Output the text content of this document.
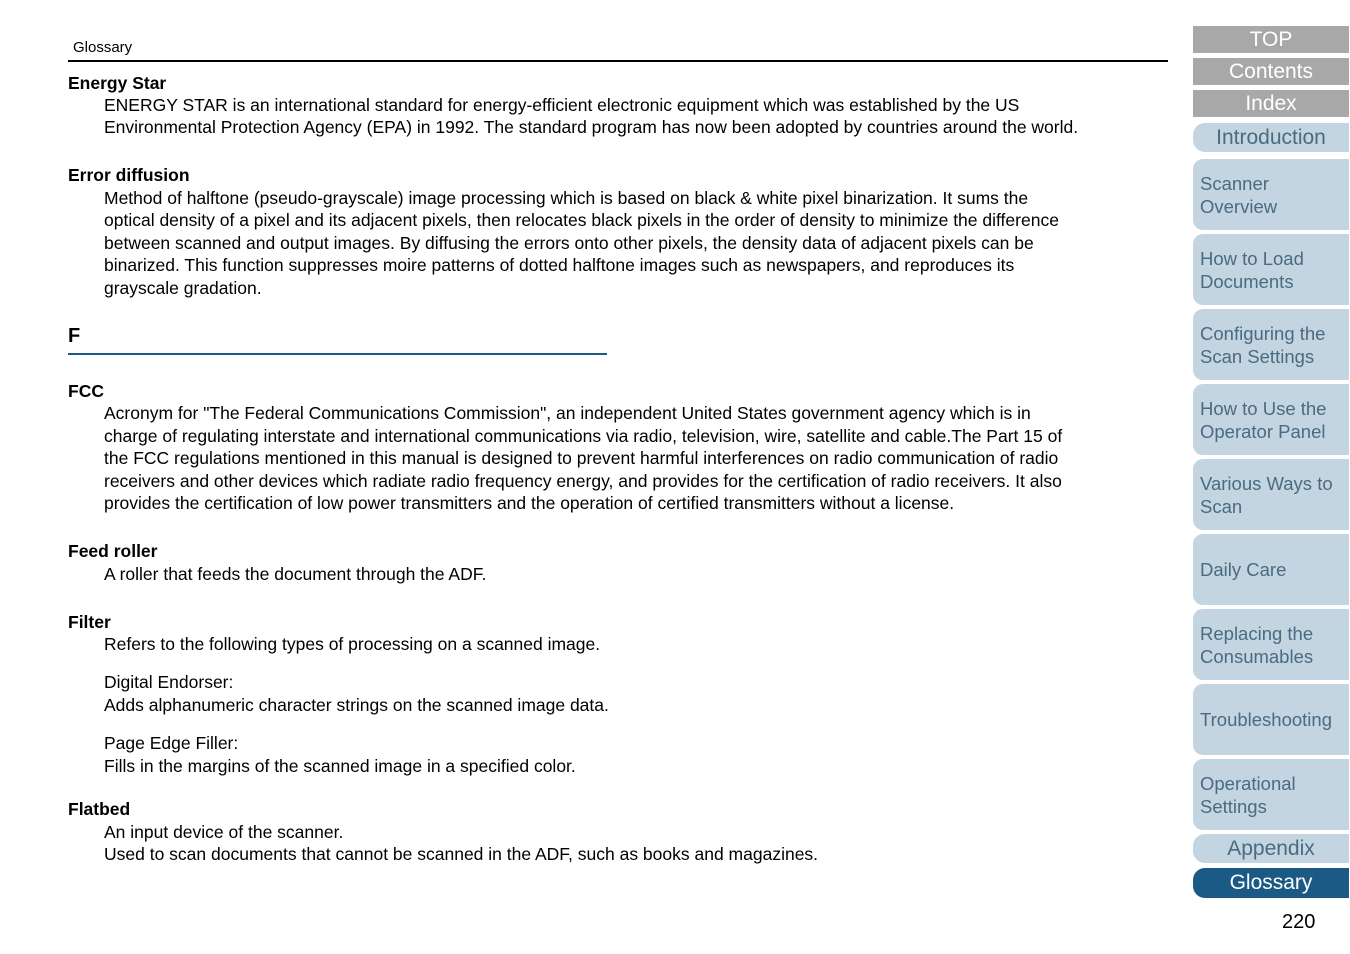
Glossary
Energy Star
ENERGY STAR is an international standard for energy-efficient electronic equipment which was established by the US
Environmental Protection Agency (EPA) in 1992. The standard program has now been adopted by countries around the world.
Error diffusion
Method of halftone (pseudo-grayscale) image processing which is based on black & white pixel binarization. It sums the
optical density of a pixel and its adjacent pixels, then relocates black pixels in the order of density to minimize the difference
between scanned and output images. By diffusing the errors onto other pixels, the density data of adjacent pixels can be
binarized. This function suppresses moire patterns of dotted halftone images such as newspapers, and reproduces its
grayscale gradation.
F
FCC
Acronym for "The Federal Communications Commission", an independent United States government agency which is in
charge of regulating interstate and international communications via radio, television, wire, satellite and cable.The Part 15 of
the FCC regulations mentioned in this manual is designed to prevent harmful interferences on radio communication of radio
receivers and other devices which radiate radio frequency energy, and provides for the certification of radio receivers. It also
provides the certification of low power transmitters and the operation of certified transmitters without a license.
Feed roller
A roller that feeds the document through the ADF.
Filter
Refers to the following types of processing on a scanned image.
Digital Endorser:
Adds alphanumeric character strings on the scanned image data.
Page Edge Filler:
Fills in the margins of the scanned image in a specified color.
Flatbed
An input device of the scanner.
Used to scan documents that cannot be scanned in the ADF, such as books and magazines.
TOP
Contents
Index
Introduction
Scanner
Overview
How to Load
Documents
Configuring the
Scan Settings
How to Use the
Operator Panel
Various Ways to
Scan
Daily Care
Replacing the
Consumables
Troubleshooting
Operational
Settings
Appendix
Glossary
220
